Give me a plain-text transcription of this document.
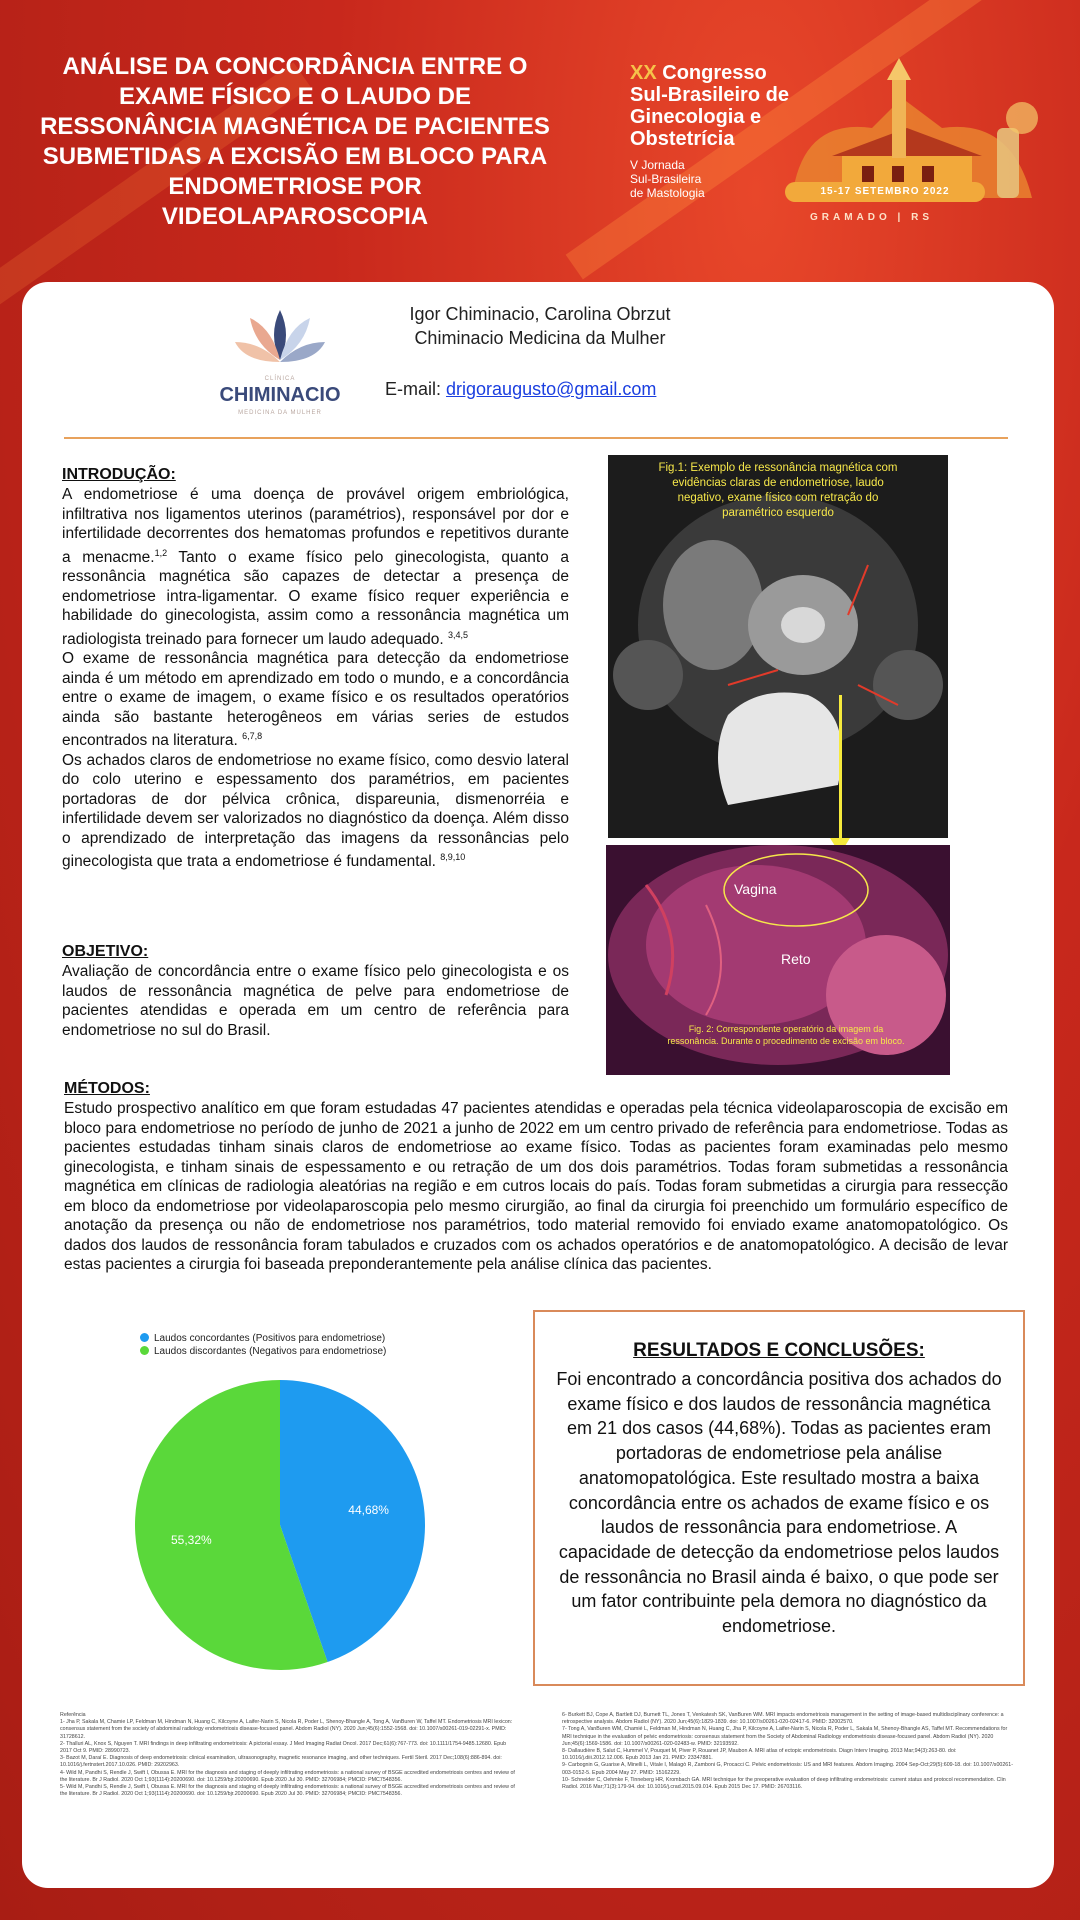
ANÁLISE DA CONCORDÂNCIA ENTRE O EXAME FÍSICO E O LAUDO DE RESSONÂNCIA MAGNÉTICA DE PACIENTES SUBMETIDAS A EXCISÃO EM BLOCO PARA ENDOMETRIOSE POR VIDEOLAPAROSCOPIA
XX Congresso
Sul-Brasileiro de
Ginecologia e
Obstetrícia
V Jornada
Sul-Brasileira
de Mastologia	15-17 SETEMBRO 2022
GRAMADO | RS
CLÍNICA
CHIMINACIO
MEDICINA DA MULHER
Igor Chiminacio, Carolina Obrzut
Chiminacio Medicina da Mulher
E-mail: drigoraugusto@gmail.com
INTRODUÇÃO:

A endometriose é uma doença de provável origem embriológica, infiltrativa nos ligamentos uterinos (paramétrios), responsável por dor e infertilidade decorrentes dos hematomas profundos e repetitivos durante a menacme.$^{1,2}$ Tanto o exame físico pelo ginecologista, quanto a ressonância magnética são capazes de detectar a presença de endometriose intra-ligamentar. O exame físico requer experiência e habilidade do ginecologista, assim como a ressonância magnética um radiologista treinado para fornecer um laudo adequado. $^{3,4,5}$

O exame de ressonância magnética para detecção da endometriose ainda é um método em aprendizado em todo o mundo, e a concordância entre o exame de imagem, o exame físico e os resultados operatórios ainda são bastante heterogêneos em várias series de estudos encontrados na literatura. $^{6,7,8}$

Os achados claros de endometriose no exame físico, como desvio lateral do colo uterino e espessamento dos paramétrios, em pacientes portadoras de dor pélvica crônica, dispareunia, dismenorréia e infertilidade devem ser valorizados no diagnóstico da doença. Além disso o aprendizado de interpretação das imagens da ressonâncias pelo ginecologista que trata a endometriose é fundamental. $^{8,9,10}$

OBJETIVO:
Avaliação de concordância entre o exame físico pelo ginecologista e os laudos de ressonância magnética de pelve para endometriose de pacientes atendidas e operada em um centro de referência para endometriose no sul do Brasil.
Fig.1: Exemplo de ressonância magnética com evidências claras de endometriose, laudo negativo, exame físico com retração do paramétrico esquerdo
Vagina
Reto
Fig. 2: Correspondente operatório da imagem da ressonância. Durante o procedimento de excisão em bloco.
MÉTODOS:
Estudo prospectivo analítico em que foram estudadas 47 pacientes atendidas e operadas pela técnica videolaparoscopia de excisão em bloco para endometriose no período de junho de 2021 a junho de 2022 em um centro privado de referência para endometriose. Todas as pacientes estudadas tinham sinais claros de endometriose ao exame físico. Todas as pacientes foram examinadas pelo mesmo ginecologista, e tinham sinais de espessamento e ou retração de um dos dois paramétrios. Todas foram submetidas a ressonância magnética em clínicas de radiologia aleatórias na região e em cutros locais do país. Todas foram submetidas a cirurgia para ressecção em bloco da endometriose por videolaparoscopia pelo mesmo cirurgião, ao final da cirurgia foi preenchido um formulário específico de anotação da presença ou não de endometriose nos paramétrios, todo material removido foi enviado exame anatomopatológico. Os dados dos laudos de ressonância foram tabulados e cruzados com os achados operatórios e de anatomopatológico. A decisão de levar estas pacientes a cirurgia foi baseada preponderantemente pela análise clínica das pacientes.
Laudos concordantes (Positivos para endometriose)
Laudos discordantes (Negativos para endometriose)
44,68%
55,32%
RESULTADOS E CONCLUSÕES:
Foi encontrado a concordância positiva dos achados do exame físico e dos laudos de ressonância magnética em 21 dos casos (44,68%). Todas as pacientes eram portadoras de endometriose pela análise anatomopatológica. Este resultado mostra a baixa concordância entre os achados de exame físico e os laudos de ressonância para endometriose. A capacidade de detecção da endometriose pelos laudos de ressonância no Brasil ainda é baixo, o que pode ser um fator contribuinte pela demora no diagnóstico da endometriose.

Referência

1- Jha P, Sakala M, Chamie LP, Feldman M, Hindman N, Huang C, Kilcoyne A, Laifer-Narin S, Nicola R, Poder L, Shenoy-Bhangle A, Tong A, VanBuren W, Taffel MT. Endometriosis MRI lexicon: consensus statement from the society of abdominal radiology endometriosis disease-focused panel. Abdom Radiol (NY). 2020 Jun;45(6):1552-1568. doi: 10.1007/s00261-019-02291-x. PMID: 31728612.

2- Thalluri AL, Knox S, Nguyen T. MRI findings in deep infiltrating endometriosis: A pictorial essay. J Med Imaging Radiat Oncol. 2017 Dec;61(6):767-773. doi: 10.1111/1754-9485.12680. Epub 2017 Oct 9. PMID: 28990723.

3- Bazot M, Daraï E. Diagnosis of deep endometriosis: clinical examination, ultrasonography, magnetic resonance imaging, and other techniques. Fertil Steril. 2017 Dec;108(6):886-894. doi: 10.1016/j.fertnstert.2017.10.026. PMID: 29202963.

4- Wild M, Pandhi S, Rendle J, Swift I, Obussa E. MRI for the diagnosis and staging of deeply infiltrating endometriosis: a national survey of BSGE accredited endometriosis centres and review of the literature. Br J Radiol. 2020 Oct 1;93(1114):20200690. doi: 10.1259/bjr.20200690. Epub 2020 Jul 30. PMID: 32706984; PMCID: PMC7548356.

5- Wild M, Pandhi S, Rendle J, Swift I, Obussa E. MRI for the diagnosis and staging of deeply infiltrating endometriosis: a national survey of BSGE accredited endometriosis centres and review of the literature. Br J Radiol. 2020 Oct 1;93(1114):20200690. doi: 10.1259/bjr.20200690. Epub 2020 Jul 30. PMID: 32706984; PMCID: PMC7548356.

6- Burkett BJ, Cope A, Bartlett DJ, Burnett TL, Jones T, Venkatesh SK, VanBuren WM. MRI impacts endometriosis management in the setting of image-based multidisciplinary conference: a retrospective analysis. Abdom Radiol (NY). 2020 Jun;45(6):1829-1839. doi: 10.1007/s00261-020-02417-6. PMID: 32002570.

7- Tong A, VanBuren WM, Chamié L, Feldman M, Hindman N, Huang C, Jha P, Kilcoyne A, Laifer-Narin S, Nicola R, Poder L, Sakala M, Shenoy-Bhangle AS, Taffel MT. Recommendations for MRI technique in the evaluation of pelvic endometriosis: consensus statement from the Society of Abdominal Radiology endometriosis disease-focused panel. Abdom Radiol (NY). 2020 Jun;45(6):1569-1586. doi: 10.1007/s00261-020-02483-w. PMID: 32193592.

8- Dallaudière B, Salut C, Hummel V, Pouquet M, Piver P, Rouanet JP, Maubon A. MRI atlas of ectopic endometriosis. Diagn Interv Imaging. 2013 Mar;94(3):263-80. doi: 10.1016/j.diii.2012.12.006. Epub 2013 Jan 21. PMID: 23347881.

9- Carbognin G, Guarise A, Minelli L, Vitale I, Malagò R, Zamboni G, Procacci C. Pelvic endometriosis: US and MRI features. Abdom Imaging. 2004 Sep-Oct;29(5):609-18. doi: 10.1007/s00261-003-0152-5. Epub 2004 May 27. PMID: 15162229.

10- Schneider C, Oehmke F, Tinneberg HR, Krombach GA. MRI technique for the preoperative evaluation of deep infiltrating endometriosis: current status and protocol recommendation. Clin Radiol. 2016 Mar;71(3):179-94. doi: 10.1016/j.crad.2015.09.014. Epub 2015 Dec 17. PMID: 26703116.
